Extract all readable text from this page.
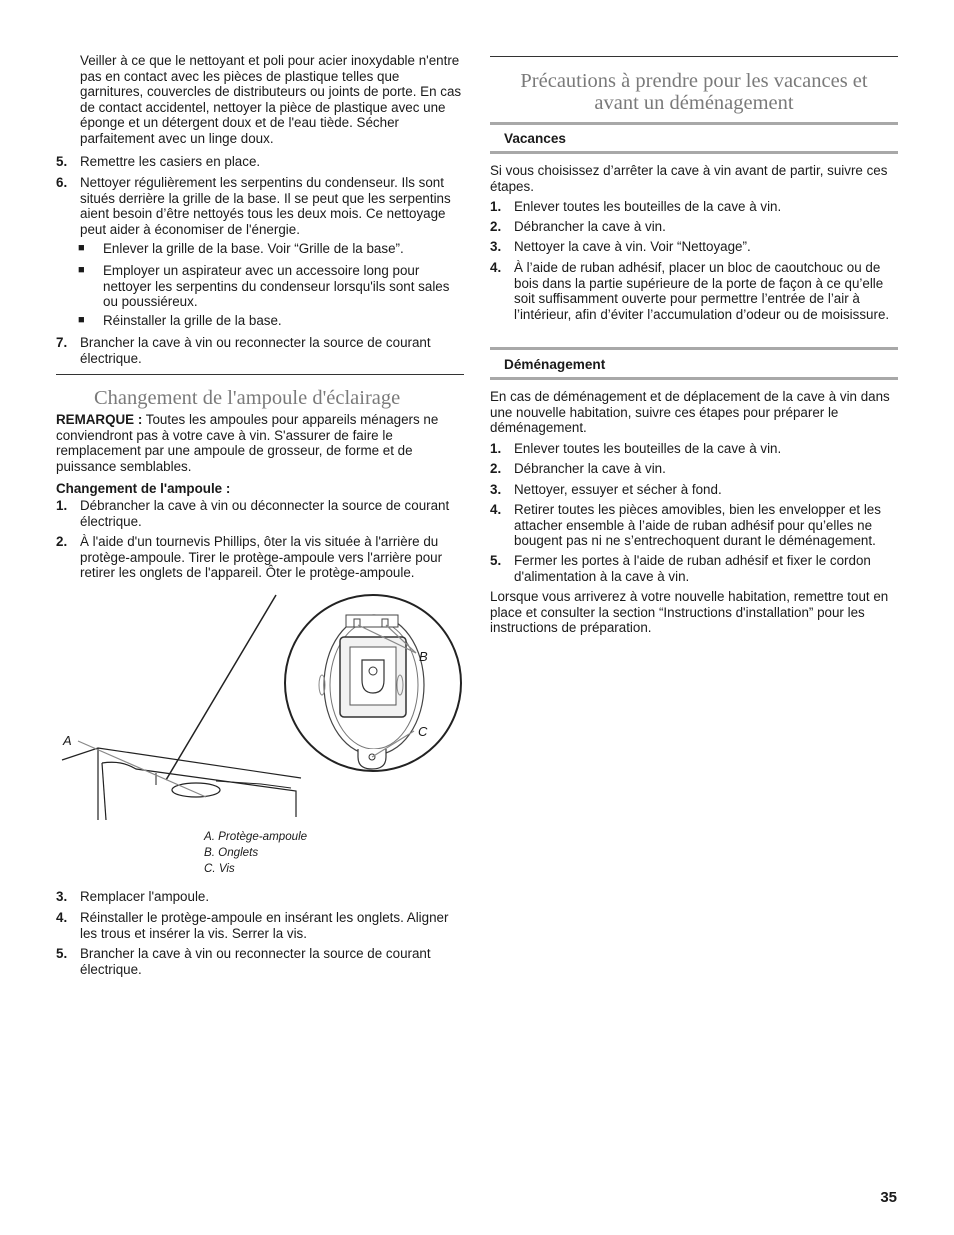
Veiller à ce que le nettoyant et poli pour acier inoxydable n'entre pas en contact avec les pièces de plastique telles que garnitures, couvercles de distributeurs ou joints de porte. En cas de contact accidentel, nettoyer la pièce de plastique avec une éponge et un détergent doux et de l'eau tiède. Sécher parfaitement avec un linge doux.

5. Remettre les casiers en place.
6. Nettoyer régulièrement les serpentins du condenseur. Ils sont situés derrière la grille de la base. Il se peut que les serpentins aient besoin d’être nettoyés tous les deux mois. Ce nettoyage peut aider à économiser de l'énergie.
■	Enlever la grille de la base. Voir “Grille de la base”.
■	Employer un aspirateur avec un accessoire long pour nettoyer les serpentins du condenseur lorsqu'ils sont sales ou poussiéreux.
■	Réinstaller la grille de la base.
7. Brancher la cave à vin ou reconnecter la source de courant électrique.
Changement de l'ampoule d'éclairage

REMARQUE : Toutes les ampoules pour appareils ménagers ne conviendront pas à votre cave à vin. S'assurer de faire le remplacement par une ampoule de grosseur, de forme et de puissance semblables.

Changement de l'ampoule :
1. Débrancher la cave à vin ou déconnecter la source de courant électrique.
2. À l'aide d'un tournevis Phillips, ôter la vis située à l'arrière du protège-ampoule. Tirer le protège-ampoule vers l'arrière pour retirer les onglets de l'appareil. Ôter le protège-ampoule.
A
B
C
A. Protège-ampoule
B. Onglets
C. Vis
3. Remplacer l'ampoule.
4. Réinstaller le protège-ampoule en insérant les onglets. Aligner les trous et insérer la vis. Serrer la vis.
5. Brancher la cave à vin ou reconnecter la source de courant électrique.
Précautions à prendre pour les vacances et
avant un déménagement
Vacances

Si vous choisissez d’arrêter la cave à vin avant de partir, suivre ces étapes.

1. Enlever toutes les bouteilles de la cave à vin.
2. Débrancher la cave à vin.
3. Nettoyer la cave à vin. Voir “Nettoyage”.
4. À l’aide de ruban adhésif, placer un bloc de caoutchouc ou de bois dans la partie supérieure de la porte de façon à ce qu’elle soit suffisamment ouverte pour permettre l’entrée de l’air à l’intérieur, afin d’éviter l’accumulation d’odeur ou de moisissure.
Déménagement

En cas de déménagement et de déplacement de la cave à vin dans une nouvelle habitation, suivre ces étapes pour préparer le déménagement.

1. Enlever toutes les bouteilles de la cave à vin.
2. Débrancher la cave à vin.
3. Nettoyer, essuyer et sécher à fond.
4. Retirer toutes les pièces amovibles, bien les envelopper et les attacher ensemble à l’aide de ruban adhésif pour qu’elles ne bougent pas ni ne s’entrechoquent durant le déménagement.
5. Fermer les portes à l'aide de ruban adhésif et fixer le cordon d'alimentation à la cave à vin.

Lorsque vous arriverez à votre nouvelle habitation, remettre tout en place et consulter la section “Instructions d'installation” pour les instructions de préparation.

35
